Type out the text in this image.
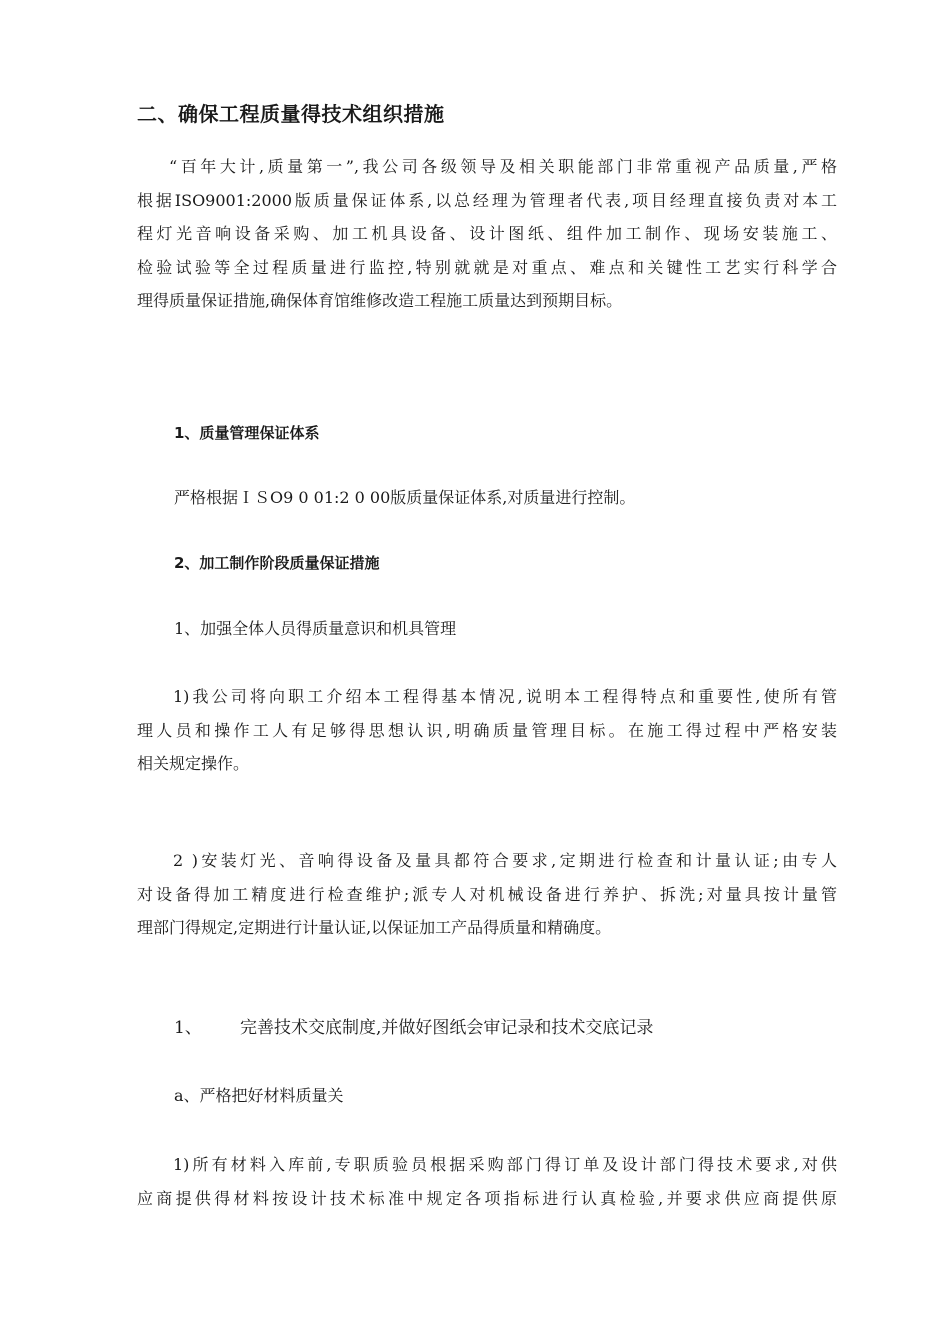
二、确保工程质量得技术组织措施
“百年大计,质量第一”,我公司各级领导及相关职能部门非常重视产品质量,严格
根据ISO9001:2000版质量保证体系,以总经理为管理者代表,项目经理直接负责对本工
程灯光音响设备采购、加工机具设备、设计图纸、组件加工制作、现场安装施工、
检验试验等全过程质量进行监控,特别就就是对重点、难点和关键性工艺实行科学合
理得质量保证措施,确保体育馆维修改造工程施工质量达到预期目标。
1、质量管理保证体系
严格根据ＩＳO9 0 01:2 0 00版质量保证体系,对质量进行控制。
2、加工制作阶段质量保证措施
1、加强全体人员得质量意识和机具管理
1)我公司将向职工介绍本工程得基本情况,说明本工程得特点和重要性,使所有管
理人员和操作工人有足够得思想认识,明确质量管理目标。在施工得过程中严格安装
相关规定操作。
2 )安装灯光、音响得设备及量具都符合要求,定期进行检查和计量认证;由专人
对设备得加工精度进行检查维护;派专人对机械设备进行养护、拆洗;对量具按计量管
理部门得规定,定期进行计量认证,以保证加工产品得质量和精确度。
1、 完善技术交底制度,并做好图纸会审记录和技术交底记录
a、严格把好材料质量关
1)所有材料入库前,专职质验员根据采购部门得订单及设计部门得技术要求,对供
应商提供得材料按设计技术标准中规定各项指标进行认真检验,并要求供应商提供原
